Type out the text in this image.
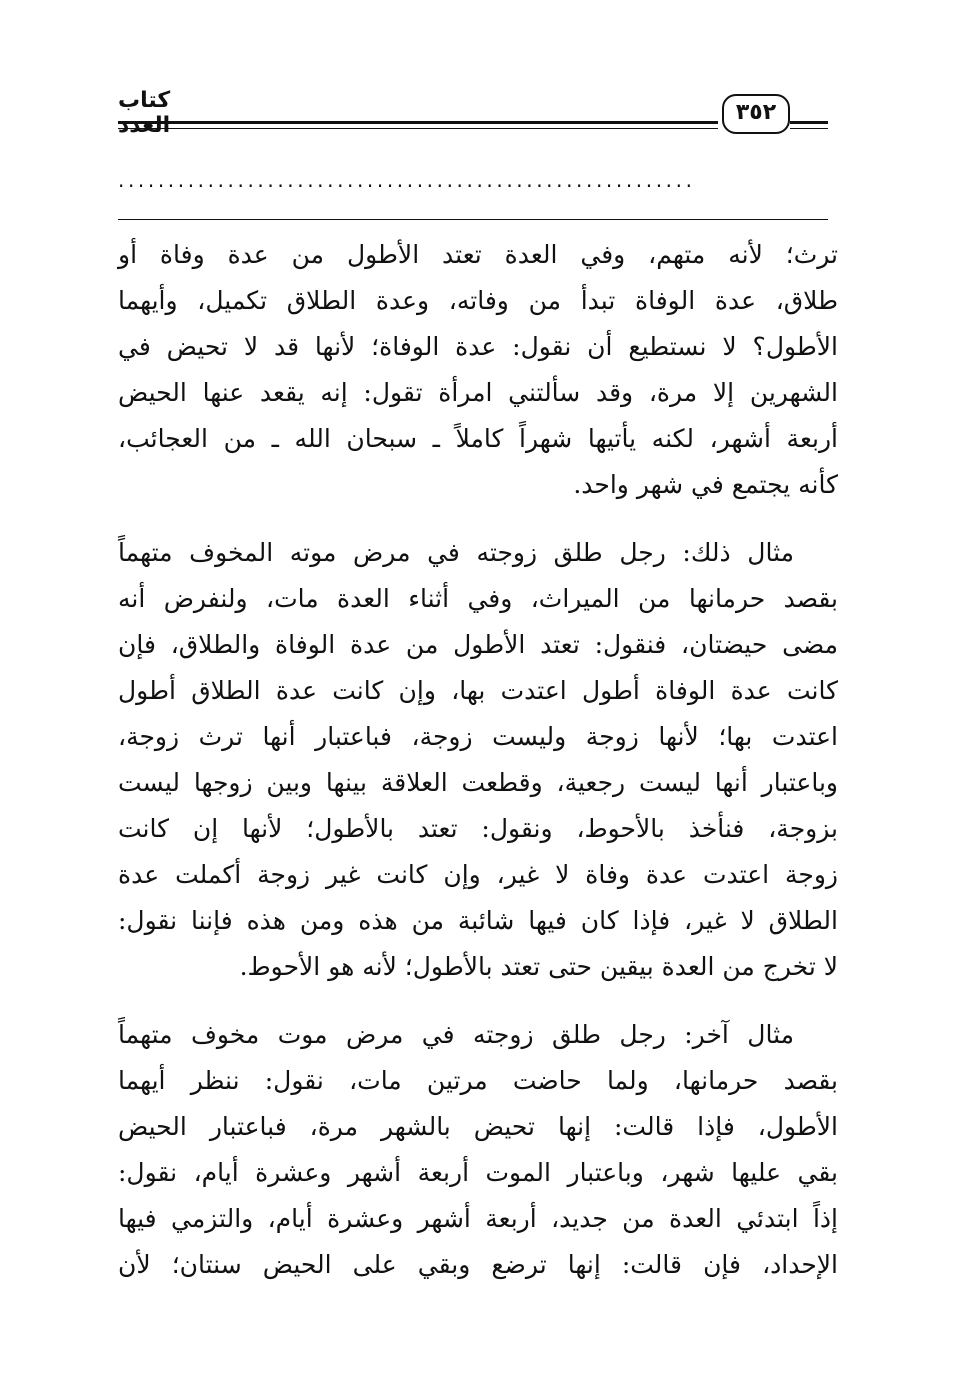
كتاب العدد
٣٥٢
..........................................................

ترث؛ لأنه متهم، وفي العدة تعتد الأطول من عدة وفاة أو
طلاق، عدة الوفاة تبدأ من وفاته، وعدة الطلاق تكميل، وأيهما
الأطول؟ لا نستطيع أن نقول: عدة الوفاة؛ لأنها قد لا تحيض في
الشهرين إلا مرة، وقد سألتني امرأة تقول: إنه يقعد عنها الحيض
أربعة أشهر، لكنه يأتيها شهراً كاملاً ـ سبحان الله ـ من العجائب،
كأنه يجتمع في شهر واحد.

مثال ذلك: رجل طلق زوجته في مرض موته المخوف متهماً
بقصد حرمانها من الميراث، وفي أثناء العدة مات، ولنفرض أنه
مضى حيضتان، فنقول: تعتد الأطول من عدة الوفاة والطلاق، فإن
كانت عدة الوفاة أطول اعتدت بها، وإن كانت عدة الطلاق أطول
اعتدت بها؛ لأنها زوجة وليست زوجة، فباعتبار أنها ترث زوجة،
وباعتبار أنها ليست رجعية، وقطعت العلاقة بينها وبين زوجها ليست
بزوجة، فنأخذ بالأحوط، ونقول: تعتد بالأطول؛ لأنها إن كانت
زوجة اعتدت عدة وفاة لا غير، وإن كانت غير زوجة أكملت عدة
الطلاق لا غير، فإذا كان فيها شائبة من هذه ومن هذه فإننا نقول:
لا تخرج من العدة بيقين حتى تعتد بالأطول؛ لأنه هو الأحوط.

مثال آخر: رجل طلق زوجته في مرض موت مخوف متهماً
بقصد حرمانها، ولما حاضت مرتين مات، نقول: ننظر أيهما
الأطول، فإذا قالت: إنها تحيض بالشهر مرة، فباعتبار الحيض
بقي عليها شهر، وباعتبار الموت أربعة أشهر وعشرة أيام، نقول:
إذاً ابتدئي العدة من جديد، أربعة أشهر وعشرة أيام، والتزمي فيها
الإحداد، فإن قالت: إنها ترضع وبقي على الحيض سنتان؛ لأن
